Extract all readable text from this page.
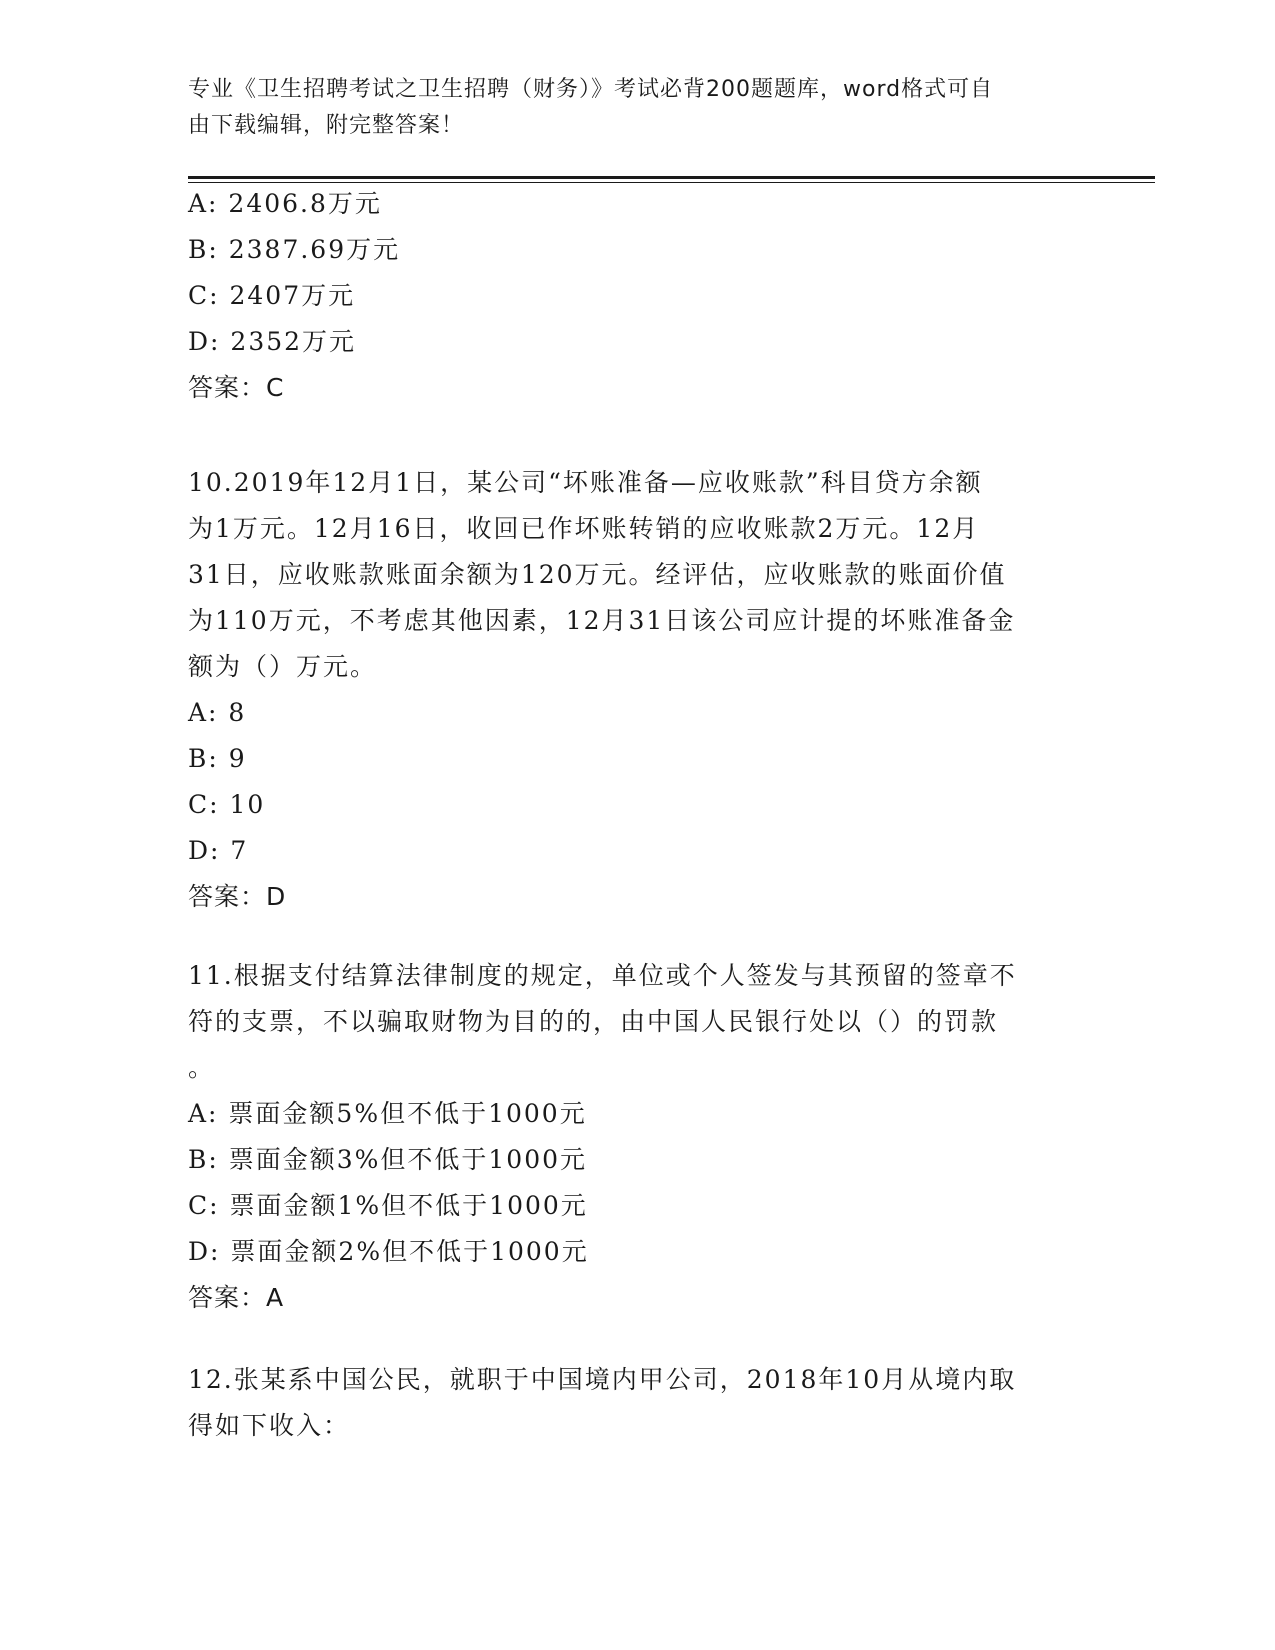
专业《卫生招聘考试之卫生招聘（财务）》考试必背200题题库，word格式可自
由下载编辑，附完整答案！
A: 2406.8万元
B: 2387.69万元
C: 2407万元
D: 2352万元
答案：C
10.2019年12月1日，某公司“坏账准备—应收账款”科目贷方余额
为1万元。12月16日，收回已作坏账转销的应收账款2万元。12月
31日，应收账款账面余额为120万元。经评估，应收账款的账面价值
为110万元，不考虑其他因素，12月31日该公司应计提的坏账准备金
额为（）万元。
A: 8
B: 9
C: 10
D: 7
答案：D
11.根据支付结算法律制度的规定，单位或个人签发与其预留的签章不
符的支票，不以骗取财物为目的的，由中国人民银行处以（）的罚款
。
A: 票面金额5%但不低于1000元
B: 票面金额3%但不低于1000元
C: 票面金额1%但不低于1000元
D: 票面金额2%但不低于1000元
答案：A
12.张某系中国公民，就职于中国境内甲公司，2018年10月从境内取
得如下收入：
